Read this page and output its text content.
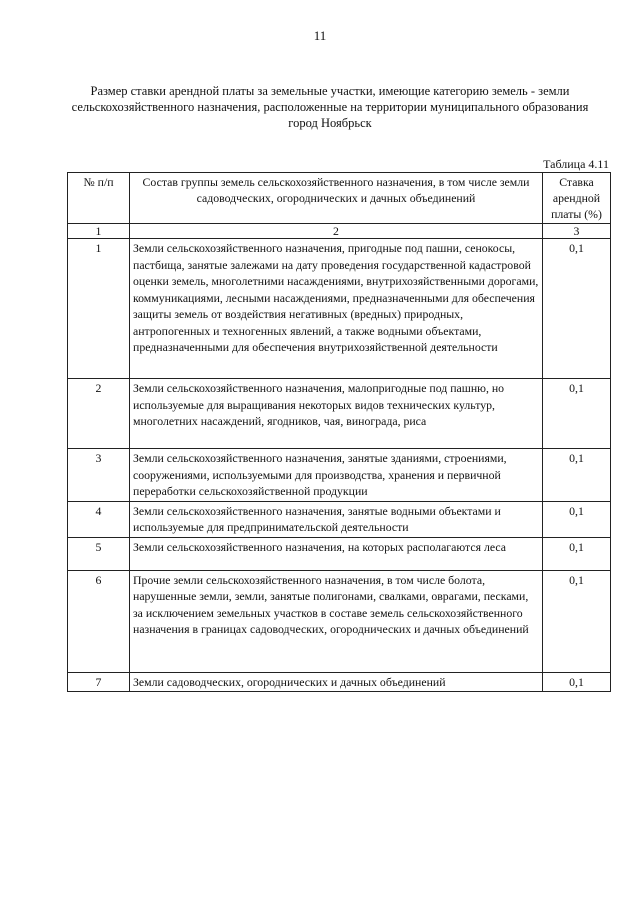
11
Размер ставки арендной платы за земельные участки, имеющие категорию земель - земли сельскохозяйственного назначения, расположенные на территории муниципального образования город Ноябрьск
Таблица 4.11
№ п/п	Состав группы земель сельскохозяйственного назначения, в том числе земли садоводческих, огороднических и дачных объединений	Ставка арендной платы (%)
1	2	3
1	Земли сельскохозяйственного назначения, пригодные под пашни, сенокосы, пастбища, занятые залежами на дату проведения государственной кадастровой оценки земель, многолетними насаждениями, внутрихозяйственными дорогами, коммуникациями, лесными насаждениями, предназначенными для обеспечения защиты земель от воздействия негативных (вредных) природных, антропогенных и техногенных явлений, а также водными объектами, предназначенными для обеспечения внутрихозяйственной деятельности	0,1
2	Земли сельскохозяйственного назначения, малопригодные под пашню, но используемые для выращивания некоторых видов технических культур, многолетних насаждений, ягодников, чая, винограда, риса	0,1
3	Земли сельскохозяйственного назначения, занятые зданиями, строениями, сооружениями, используемыми для производства, хранения и первичной переработки сельскохозяйственной продукции	0,1
4	Земли сельскохозяйственного назначения, занятые водными объектами и используемые для предпринимательской деятельности	0,1
5	Земли сельскохозяйственного назначения, на которых располагаются леса	0,1
6	Прочие земли сельскохозяйственного назначения, в том числе болота, нарушенные земли, земли, занятые полигонами, свалками, оврагами, песками, за исключением земельных участков в составе земель сельскохозяйственного назначения в границах садоводческих, огороднических и дачных объединений	0,1
7	Земли садоводческих, огороднических и дачных объединений	0,1
